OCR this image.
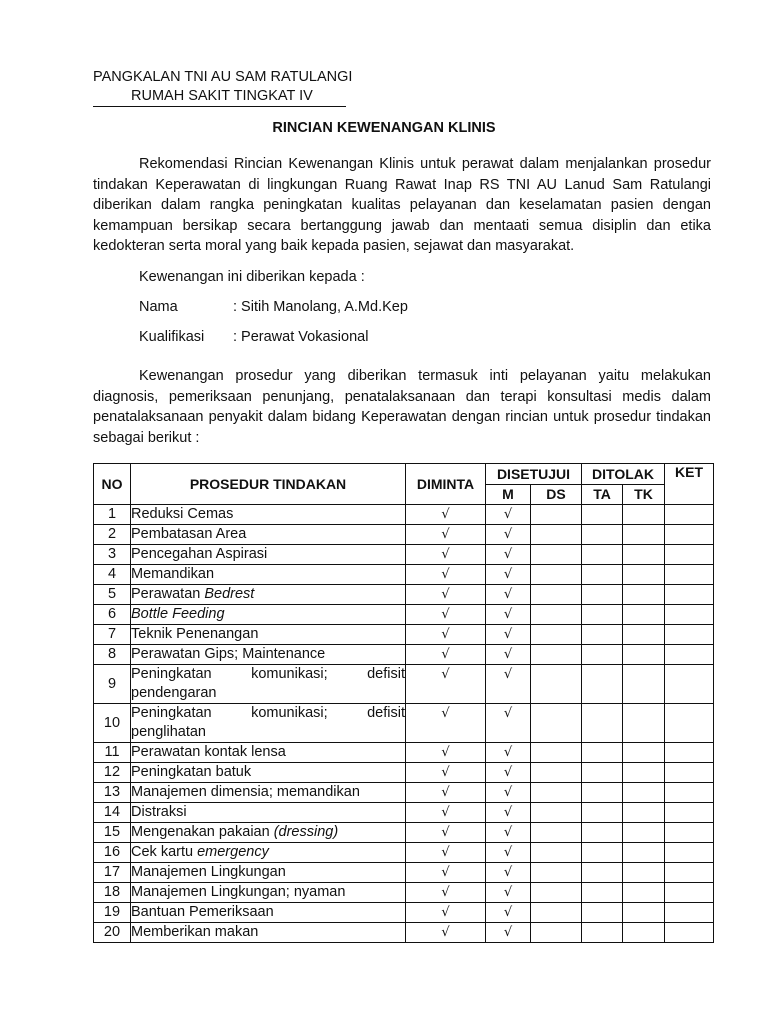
PANGKALAN TNI AU SAM RATULANGI
RUMAH SAKIT TINGKAT IV
RINCIAN KEWENANGAN KLINIS

Rekomendasi Rincian Kewenangan Klinis untuk perawat dalam menjalankan prosedur tindakan Keperawatan di lingkungan Ruang Rawat Inap RS TNI AU Lanud Sam Ratulangi diberikan dalam rangka peningkatan kualitas pelayanan dan keselamatan pasien dengan kemampuan bersikap secara bertanggung jawab dan mentaati semua disiplin dan etika kedokteran serta moral yang baik kepada pasien, sejawat dan masyarakat.

Kewenangan ini diberikan kepada :
Nama	: Sitih Manolang, A.Md.Kep
Kualifikasi : Perawat Vokasional

Kewenangan prosedur yang diberikan termasuk inti pelayanan yaitu melakukan diagnosis, pemeriksaan penunjang, penatalaksanaan dan terapi konsultasi medis dalam penatalaksanaan penyakit dalam bidang Keperawatan dengan rincian untuk prosedur tindakan sebagai berikut :

NO	PROSEDUR TINDAKAN	DIMINTA	DISETUJUI		DITOLAK		KET
			M	DS	TA	TK	
1	Reduksi Cemas	√	√				
2	Pembatasan Area	√	√				
3	Pencegahan Aspirasi	√	√				
4	Memandikan	√	√				
5	Perawatan Bedrest	√	√				
6	Bottle Feeding	√	√				
7	Teknik Penenangan	√	√				
8	Perawatan Gips; Maintenance	√	√				
9	Peningkatan komunikasi; defisit pendengaran	√	√				
10	Peningkatan komunikasi; defisit penglihatan	√	√				
11	Perawatan kontak lensa	√	√				
12	Peningkatan batuk	√	√				
13	Manajemen dimensia; memandikan	√	√				
14	Distraksi	√	√				
15	Mengenakan pakaian (dressing)	√	√				
16	Cek kartu emergency	√	√				
17	Manajemen Lingkungan	√	√				
18	Manajemen Lingkungan; nyaman	√	√				
19	Bantuan Pemeriksaan	√	√				
20	Memberikan makan	√	√				
